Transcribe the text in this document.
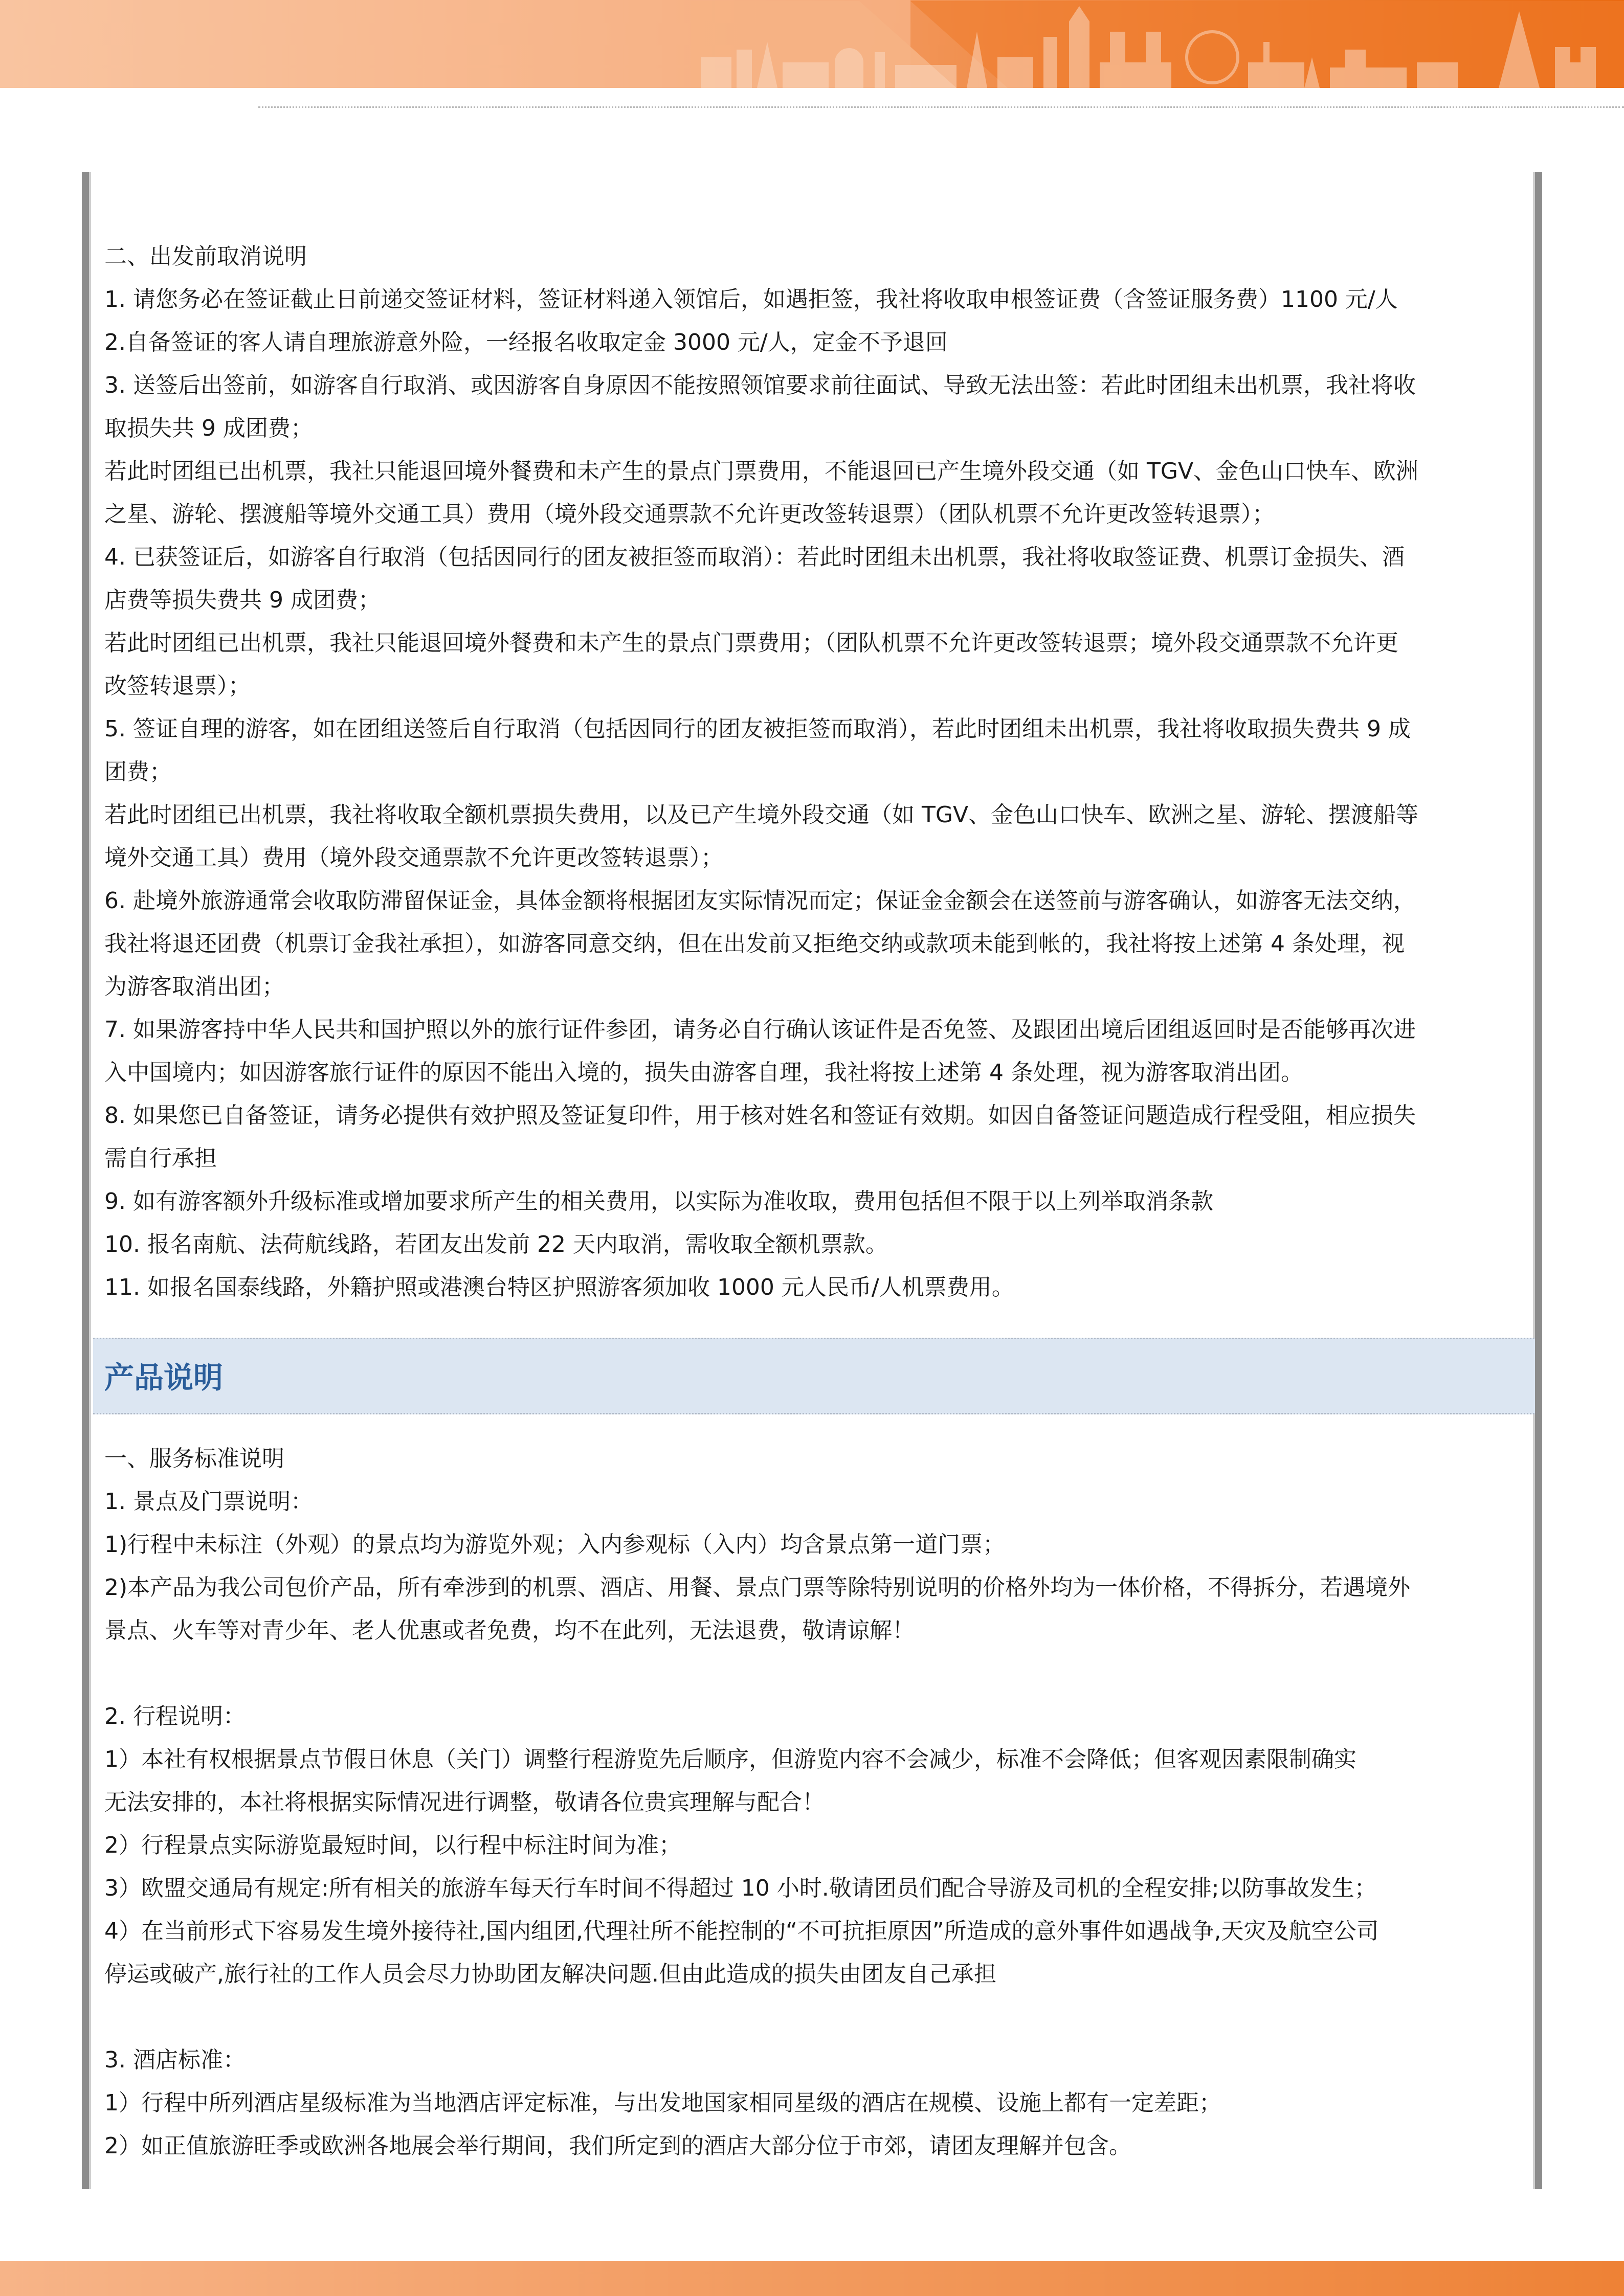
二、出发前取消说明

1. 请您务必在签证截止日前递交签证材料，签证材料递入领馆后，如遇拒签，我社将收取申根签证费（含签证服务费）1100 元/人

2.自备签证的客人请自理旅游意外险，一经报名收取定金 3000 元/人，定金不予退回

3. 送签后出签前，如游客自行取消、或因游客自身原因不能按照领馆要求前往面试、导致无法出签：若此时团组未出机票，我社将收

取损失共 9 成团费；

若此时团组已出机票，我社只能退回境外餐费和未产生的景点门票费用，不能退回已产生境外段交通（如 TGV、金色山口快车、欧洲

之星、游轮、摆渡船等境外交通工具）费用（境外段交通票款不允许更改签转退票）（团队机票不允许更改签转退票）；

4. 已获签证后，如游客自行取消（包括因同行的团友被拒签而取消）：若此时团组未出机票，我社将收取签证费、机票订金损失、酒

店费等损失费共 9 成团费；

若此时团组已出机票，我社只能退回境外餐费和未产生的景点门票费用；（团队机票不允许更改签转退票；境外段交通票款不允许更

改签转退票）；

5. 签证自理的游客，如在团组送签后自行取消（包括因同行的团友被拒签而取消），若此时团组未出机票，我社将收取损失费共 9 成

团费；

若此时团组已出机票，我社将收取全额机票损失费用，以及已产生境外段交通（如 TGV、金色山口快车、欧洲之星、游轮、摆渡船等

境外交通工具）费用（境外段交通票款不允许更改签转退票）；

6. 赴境外旅游通常会收取防滞留保证金，具体金额将根据团友实际情况而定；保证金金额会在送签前与游客确认，如游客无法交纳，

我社将退还团费（机票订金我社承担），如游客同意交纳，但在出发前又拒绝交纳或款项未能到帐的，我社将按上述第 4 条处理，视

为游客取消出团；

7. 如果游客持中华人民共和国护照以外的旅行证件参团，请务必自行确认该证件是否免签、及跟团出境后团组返回时是否能够再次进

入中国境内；如因游客旅行证件的原因不能出入境的，损失由游客自理，我社将按上述第 4 条处理，视为游客取消出团。

8. 如果您已自备签证，请务必提供有效护照及签证复印件，用于核对姓名和签证有效期。如因自备签证问题造成行程受阻，相应损失

需自行承担

9. 如有游客额外升级标准或增加要求所产生的相关费用，以实际为准收取，费用包括但不限于以上列举取消条款

10. 报名南航、法荷航线路，若团友出发前 22 天内取消，需收取全额机票款。

11. 如报名国泰线路，外籍护照或港澳台特区护照游客须加收 1000 元人民币/人机票费用。

产品说明

一、服务标准说明

1. 景点及门票说明：

1)行程中未标注（外观）的景点均为游览外观；入内参观标（入内）均含景点第一道门票；

2)本产品为我公司包价产品，所有牵涉到的机票、酒店、用餐、景点门票等除特别说明的价格外均为一体价格，不得拆分，若遇境外

景点、火车等对青少年、老人优惠或者免费，均不在此列，无法退费，敬请谅解！

2. 行程说明：

1）本社有权根据景点节假日休息（关门）调整行程游览先后顺序，但游览内容不会减少，标准不会降低；但客观因素限制确实

无法安排的，本社将根据实际情况进行调整，敬请各位贵宾理解与配合！

2）行程景点实际游览最短时间，以行程中标注时间为准；

3）欧盟交通局有规定:所有相关的旅游车每天行车时间不得超过 10 小时.敬请团员们配合导游及司机的全程安排;以防事故发生；

4）在当前形式下容易发生境外接待社,国内组团,代理社所不能控制的“不可抗拒原因”所造成的意外事件如遇战争,天灾及航空公司

停运或破产,旅行社的工作人员会尽力协助团友解决问题.但由此造成的损失由团友自己承担

3. 酒店标准：

1）行程中所列酒店星级标准为当地酒店评定标准，与出发地国家相同星级的酒店在规模、设施上都有一定差距；

2）如正值旅游旺季或欧洲各地展会举行期间，我们所定到的酒店大部分位于市郊，请团友理解并包含。
